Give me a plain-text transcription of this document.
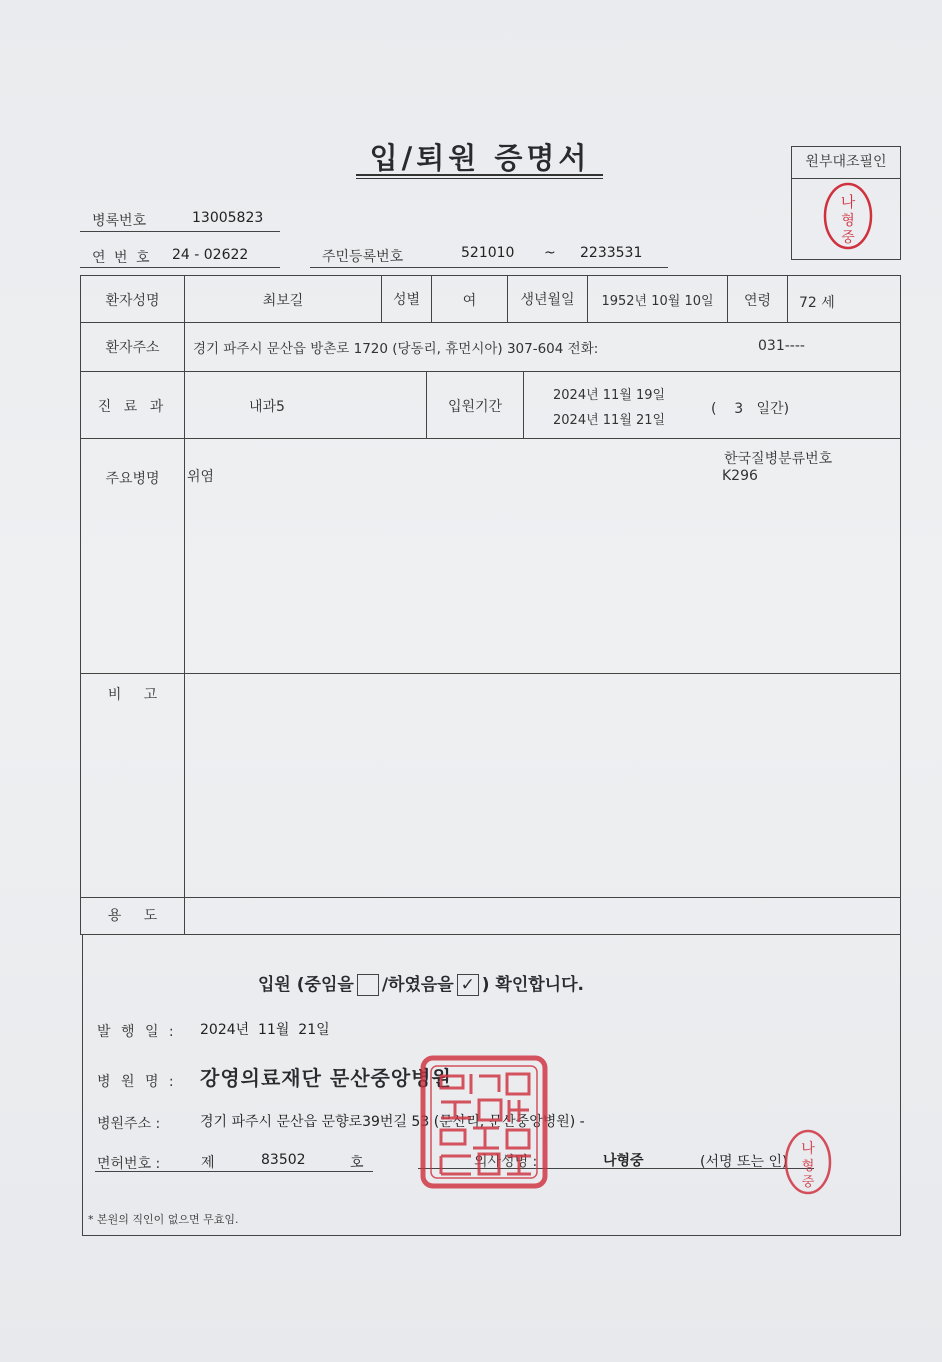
입/퇴원 증명서	원부대조필인
나
형
중
병록번호	13005823
연 번 호 24 - 02622	주민등록번호	521010 ~ 2233531
환자성명	최보길	성별	여	생년월일	1952년 10월 10일	연령	72 세
환자주소	경기 파주시 문산읍 방촌로 1720 (당동리, 휴먼시아) 307-604 전화:	031----
진 료 과	내과5	입원기간
2024년 11월 19일
2024년 11월 21일
(    3   일간)
주요병명	위염
한국질병분류번호
K296
비     고
용     도
입원 (중임을 /하였음을 ✓ ) 확인합니다.
발 행 일 : 2024년  11월  21일
병 원 명 : 강영의료재단 문산중앙병원
병원주소 :	경기 파주시 문산읍 문향로39번길 53 (문산리, 문산중앙병원) -
면허번호 :	제	83502	호	의사성명 :	나형중	(서명 또는 인)
* 본원의 직인이 없으면 무효임.
나
형
중
